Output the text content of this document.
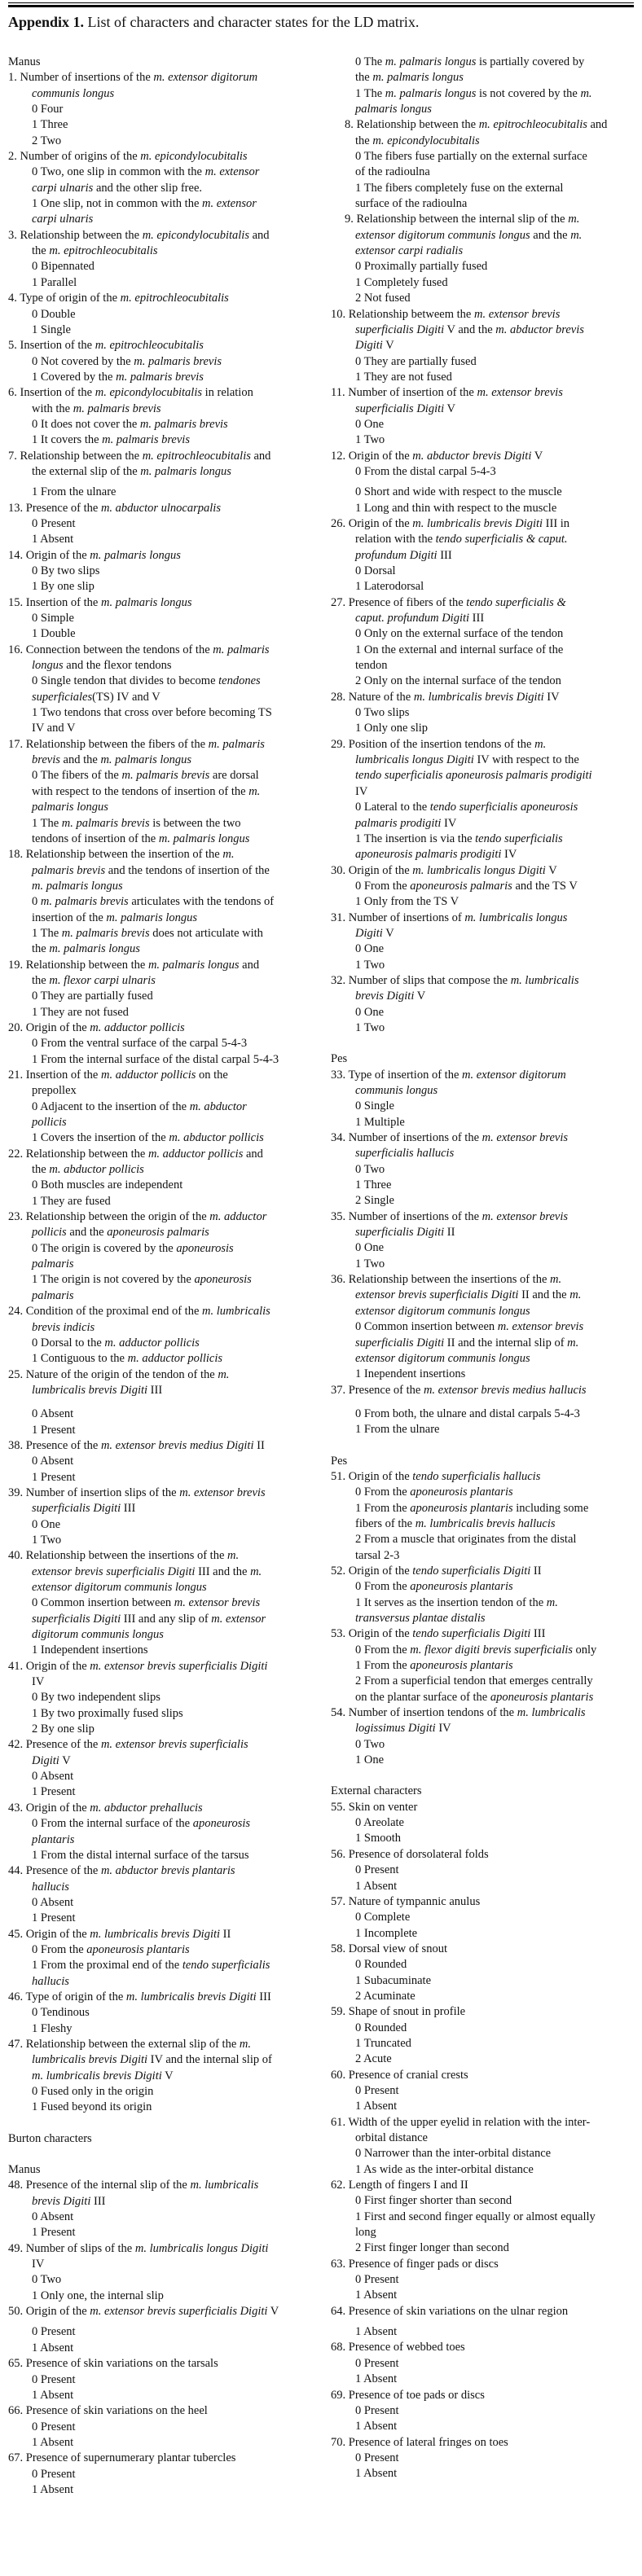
Appendix 1. List of characters and character states for the LD matrix.
Manus
1. Number of insertions of the m. extensor digitorum
communis longus
0 Four
1 Three
2 Two
2. Number of origins of the m. epicondylocubitalis
0 Two, one slip in common with the m. extensor
carpi ulnaris and the other slip free.
1 One slip, not in common with the m. extensor
carpi ulnaris
3. Relationship between the m. epicondylocubitalis and
the m. epitrochleocubitalis
0 Bipennated
1 Parallel
4. Type of origin of the m. epitrochleocubitalis
0 Double
1 Single
5. Insertion of the m. epitrochleocubitalis
0 Not covered by the m. palmaris brevis
1 Covered by the m. palmaris brevis
6. Insertion of the m. epicondylocubitalis in relation
with the m. palmaris brevis
0 It does not cover the m. palmaris brevis
1 It covers the m. palmaris brevis
7. Relationship between the m. epitrochleocubitalis and
the external slip of the m. palmaris longus
1 From the ulnare
13. Presence of the m. abductor ulnocarpalis
0 Present
1 Absent
14. Origin of the m. palmaris longus
0 By two slips
1 By one slip
15. Insertion of the m. palmaris longus
0 Simple
1 Double
16. Connection between the tendons of the m. palmaris
longus and the flexor tendons
0 Single tendon that divides to become tendones
superficiales(TS) IV and V
1 Two tendons that cross over before becoming TS
IV and V
17. Relationship between the fibers of the m. palmaris
brevis and the m. palmaris longus
0 The fibers of the m. palmaris brevis are dorsal
with respect to the tendons of insertion of the m.
palmaris longus
1 The m. palmaris brevis is between the two
tendons of insertion of the m. palmaris longus
18. Relationship between the insertion of the m.
palmaris brevis and the tendons of insertion of the
m. palmaris longus
0 m. palmaris brevis articulates with the tendons of
insertion of the m. palmaris longus
1 The m. palmaris brevis does not articulate with
the m. palmaris longus
19. Relationship between the m. palmaris longus and
the m. flexor carpi ulnaris
0 They are partially fused
1 They are not fused
20. Origin of the m. adductor pollicis
0 From the ventral surface of the carpal 5-4-3
1 From the internal surface of the distal carpal 5-4-3
21. Insertion of the m. adductor pollicis on the
prepollex
0 Adjacent to the insertion of the m. abductor
pollicis
1 Covers the insertion of the m. abductor pollicis
22. Relationship between the m. adductor pollicis and
the m. abductor pollicis
0 Both muscles are independent
1 They are fused
23. Relationship between the origin of the m. adductor
pollicis and the aponeurosis palmaris
0 The origin is covered by the aponeurosis
palmaris
1 The origin is not covered by the aponeurosis
palmaris
24. Condition of the proximal end of the m. lumbricalis
brevis indicis
0 Dorsal to the m. adductor pollicis
1 Contiguous to the m. adductor pollicis
25. Nature of the origin of the tendon of the m.
lumbricalis brevis Digiti III
0 Absent
1 Present
38. Presence of the m. extensor brevis medius Digiti II
0 Absent
1 Present
39. Number of insertion slips of the m. extensor brevis
superficialis Digiti III
0 One
1 Two
40. Relationship between the insertions of the m.
extensor brevis superficialis Digiti III and the m.
extensor digitorum communis longus
0 Common insertion between m. extensor brevis
superficialis Digiti III and any slip of m. extensor
digitorum communis longus
1 Independent insertions
41. Origin of the m. extensor brevis superficialis Digiti
IV
0 By two independent slips
1 By two proximally fused slips
2 By one slip
42. Presence of the m. extensor brevis superficialis
Digiti V
0 Absent
1 Present
43. Origin of the m. abductor prehallucis
0 From the internal surface of the aponeurosis
plantaris
1 From the distal internal surface of the tarsus
44. Presence of the m. abductor brevis plantaris
hallucis
0 Absent
1 Present
45. Origin of the m. lumbricalis brevis Digiti II
0 From the aponeurosis plantaris
1 From the proximal end of the tendo superficialis
hallucis
46. Type of origin of the m. lumbricalis brevis Digiti III
0 Tendinous
1 Fleshy
47. Relationship between the external slip of the m.
lumbricalis brevis Digiti IV and the internal slip of
m. lumbricalis brevis Digiti V
0 Fused only in the origin
1 Fused beyond its origin
Burton characters
Manus
48. Presence of the internal slip of the m. lumbricalis
brevis Digiti III
0 Absent
1 Present
49. Number of slips of the m. lumbricalis longus Digiti
IV
0 Two
1 Only one, the internal slip
50. Origin of the m. extensor brevis superficialis Digiti V
0 Present
1 Absent
65. Presence of skin variations on the tarsals
0 Present
1 Absent
66. Presence of skin variations on the heel
0 Present
1 Absent
67. Presence of supernumerary plantar tubercles
0 Present
1 Absent
0 The m. palmaris longus is partially covered by
the m. palmaris longus
1 The m. palmaris longus is not covered by the m.
palmaris longus
8. Relationship between the m. epitrochleocubitalis and
the m. epicondylocubitalis
0 The fibers fuse partially on the external surface
of the radioulna
1 The fibers completely fuse on the external
surface of the radioulna
9. Relationship between the internal slip of the m.
extensor digitorum communis longus and the m.
extensor carpi radialis
0 Proximally partially fused
1 Completely fused
2 Not fused
10. Relationship betweem the m. extensor brevis
superficialis Digiti V and the m. abductor brevis
Digiti V
0 They are partially fused
1 They are not fused
11. Number of insertion of the m. extensor brevis
superficialis Digiti V
0 One
1 Two
12. Origin of the m. abductor brevis Digiti V
0 From the distal carpal 5-4-3
0 Short and wide with respect to the muscle
1 Long and thin with respect to the muscle
26. Origin of the m. lumbricalis brevis Digiti III in
relation with the tendo superficialis & caput.
profundum Digiti III
0 Dorsal
1 Laterodorsal
27. Presence of fibers of the tendo superficialis &
caput. profundum Digiti III
0 Only on the external surface of the tendon
1 On the external and internal surface of the
tendon
2 Only on the internal surface of the tendon
28. Nature of the m. lumbricalis brevis Digiti IV
0 Two slips
1 Only one slip
29. Position of the insertion tendons of the m.
lumbricalis longus Digiti IV with respect to the
tendo superficialis aponeurosis palmaris prodigiti
IV
0 Lateral to the tendo superficialis aponeurosis
palmaris prodigiti IV
1 The insertion is via the tendo superficialis
aponeurosis palmaris prodigiti IV
30. Origin of the m. lumbricalis longus Digiti V
0 From the aponeurosis palmaris and the TS V
1 Only from the TS V
31. Number of insertions of m. lumbricalis longus
Digiti V
0 One
1 Two
32. Number of slips that compose the m. lumbricalis
brevis Digiti V
0 One
1 Two
Pes
33. Type of insertion of the m. extensor digitorum
communis longus
0 Single
1 Multiple
34. Number of insertions of the m. extensor brevis
superficialis hallucis
0 Two
1 Three
2 Single
35. Number of insertions of the m. extensor brevis
superficialis Digiti II
0 One
1 Two
36. Relationship between the insertions of the m.
extensor brevis superficialis Digiti II and the m.
extensor digitorum communis longus
0 Common insertion between m. extensor brevis
superficialis Digiti II and the internal slip of m.
extensor digitorum communis longus
1 Inependent insertions
37. Presence of the m. extensor brevis medius hallucis
0 From both, the ulnare and distal carpals 5-4-3
1 From the ulnare
Pes
51. Origin of the tendo superficialis hallucis
0 From the aponeurosis plantaris
1 From the aponeurosis plantaris including some
fibers of the m. lumbricalis brevis hallucis
2 From a muscle that originates from the distal
tarsal 2-3
52. Origin of the tendo superficialis Digiti II
0 From the aponeurosis plantaris
1 It serves as the insertion tendon of the m.
transversus plantae distalis
53. Origin of the tendo superficialis Digiti III
0 From the m. flexor digiti brevis superficialis only
1 From the aponeurosis plantaris
2 From a superficial tendon that emerges centrally
on the plantar surface of the aponeurosis plantaris
54. Number of insertion tendons of the m. lumbricalis
logissimus Digiti IV
0 Two
1 One
External characters
55. Skin on venter
0 Areolate
1 Smooth
56. Presence of dorsolateral folds
0 Present
1 Absent
57. Nature of tympannic anulus
0 Complete
1 Incomplete
58. Dorsal view of snout
0 Rounded
1 Subacuminate
2 Acuminate
59. Shape of snout in profile
0 Rounded
1 Truncated
2 Acute
60. Presence of cranial crests
0 Present
1 Absent
61. Width of the upper eyelid in relation with the inter-
orbital distance
0 Narrower than the inter-orbital distance
1 As wide as the inter-orbital distance
62. Length of fingers I and II
0 First finger shorter than second
1 First and second finger equally or almost equally
long
2 First finger longer than second
63. Presence of finger pads or discs
0 Present
1 Absent
64. Presence of skin variations on the ulnar region
1 Absent
68. Presence of webbed toes
0 Present
1 Absent
69. Presence of toe pads or discs
0 Present
1 Absent
70. Presence of lateral fringes on toes
0 Present
1 Absent
